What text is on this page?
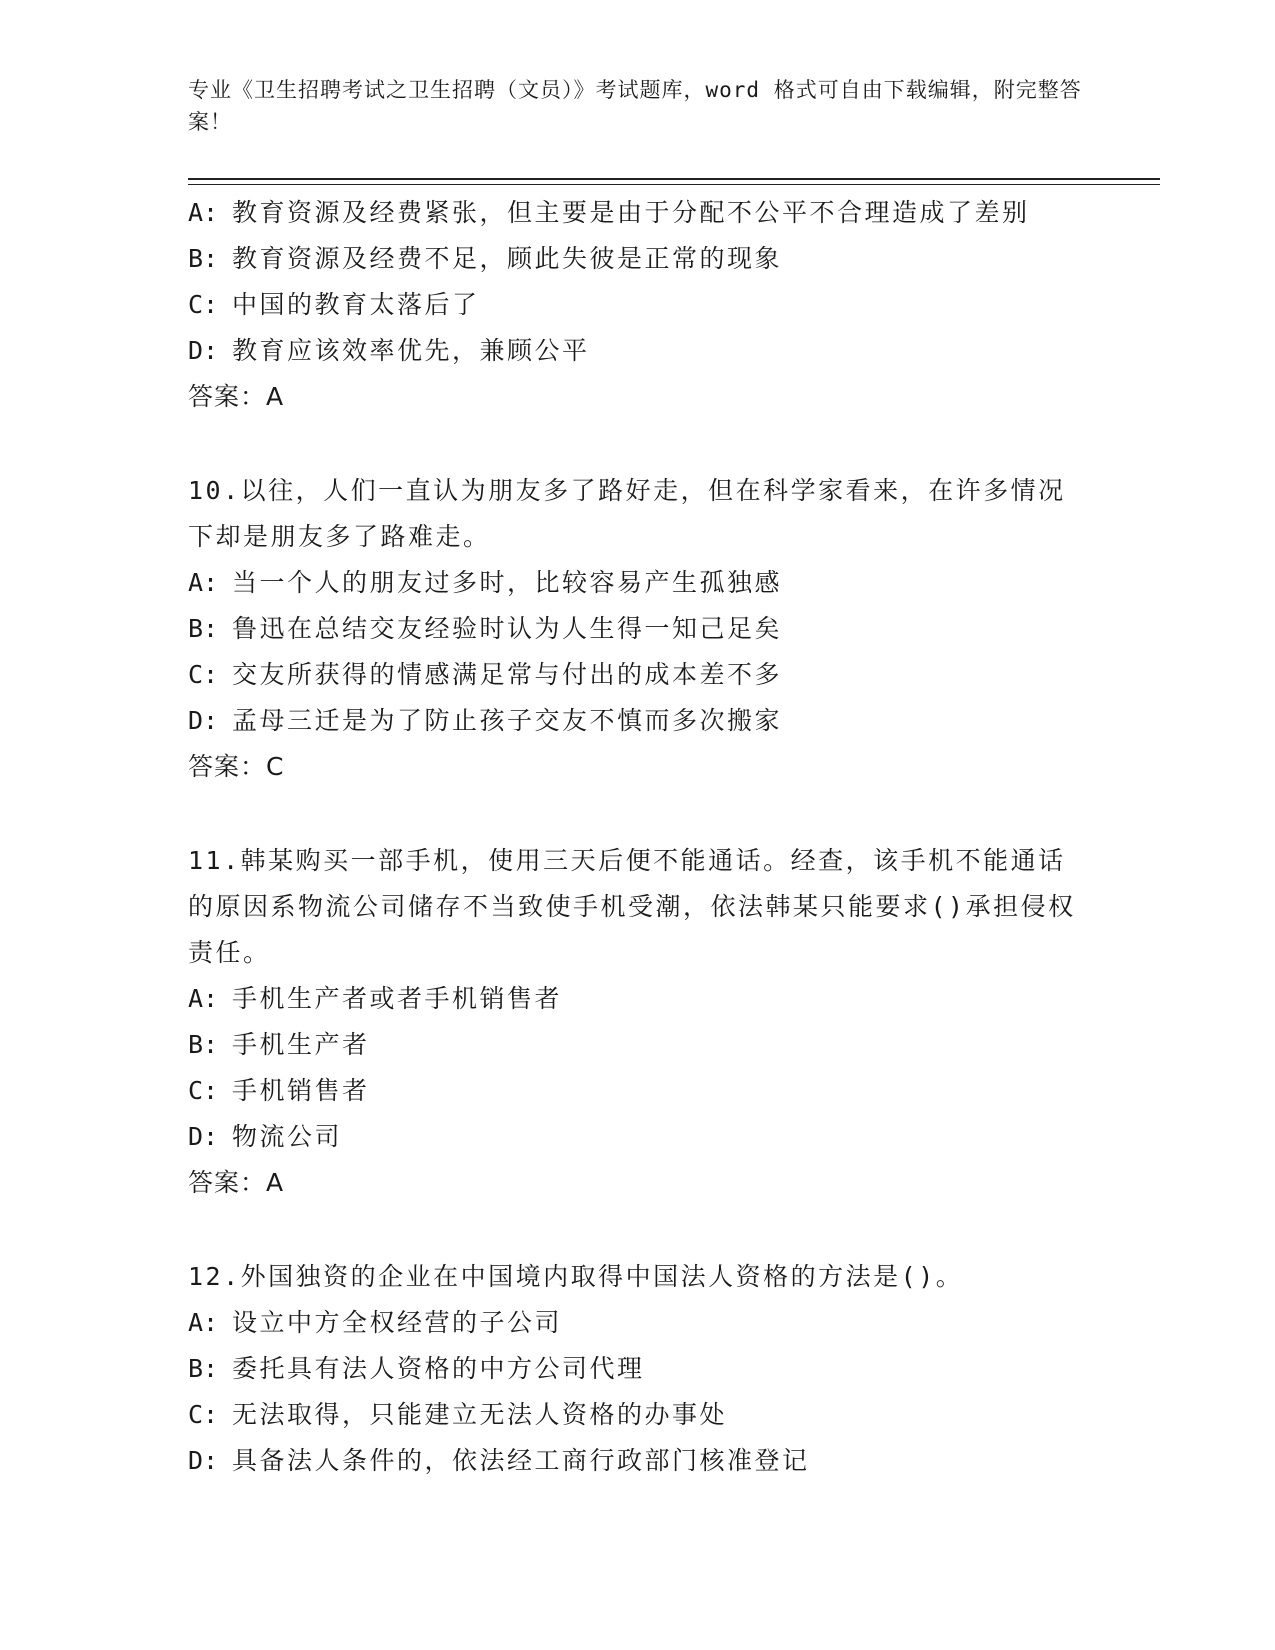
专业《卫生招聘考试之卫生招聘（文员）》考试题库，word 格式可自由下载编辑，附完整答案！
A: 教育资源及经费紧张，但主要是由于分配不公平不合理造成了差别
B: 教育资源及经费不足，顾此失彼是正常的现象
C: 中国的教育太落后了
D: 教育应该效率优先，兼顾公平
答案：A
10.以往，人们一直认为朋友多了路好走，但在科学家看来，在许多情况下却是朋友多了路难走。
A: 当一个人的朋友过多时，比较容易产生孤独感
B: 鲁迅在总结交友经验时认为人生得一知己足矣
C: 交友所获得的情感满足常与付出的成本差不多
D: 孟母三迁是为了防止孩子交友不慎而多次搬家
答案：C
11.韩某购买一部手机，使用三天后便不能通话。经查，该手机不能通话的原因系物流公司储存不当致使手机受潮，依法韩某只能要求()承担侵权责任。
A: 手机生产者或者手机销售者
B: 手机生产者
C: 手机销售者
D: 物流公司
答案：A
12.外国独资的企业在中国境内取得中国法人资格的方法是()。
A: 设立中方全权经营的子公司
B: 委托具有法人资格的中方公司代理
C: 无法取得，只能建立无法人资格的办事处
D: 具备法人条件的，依法经工商行政部门核准登记
